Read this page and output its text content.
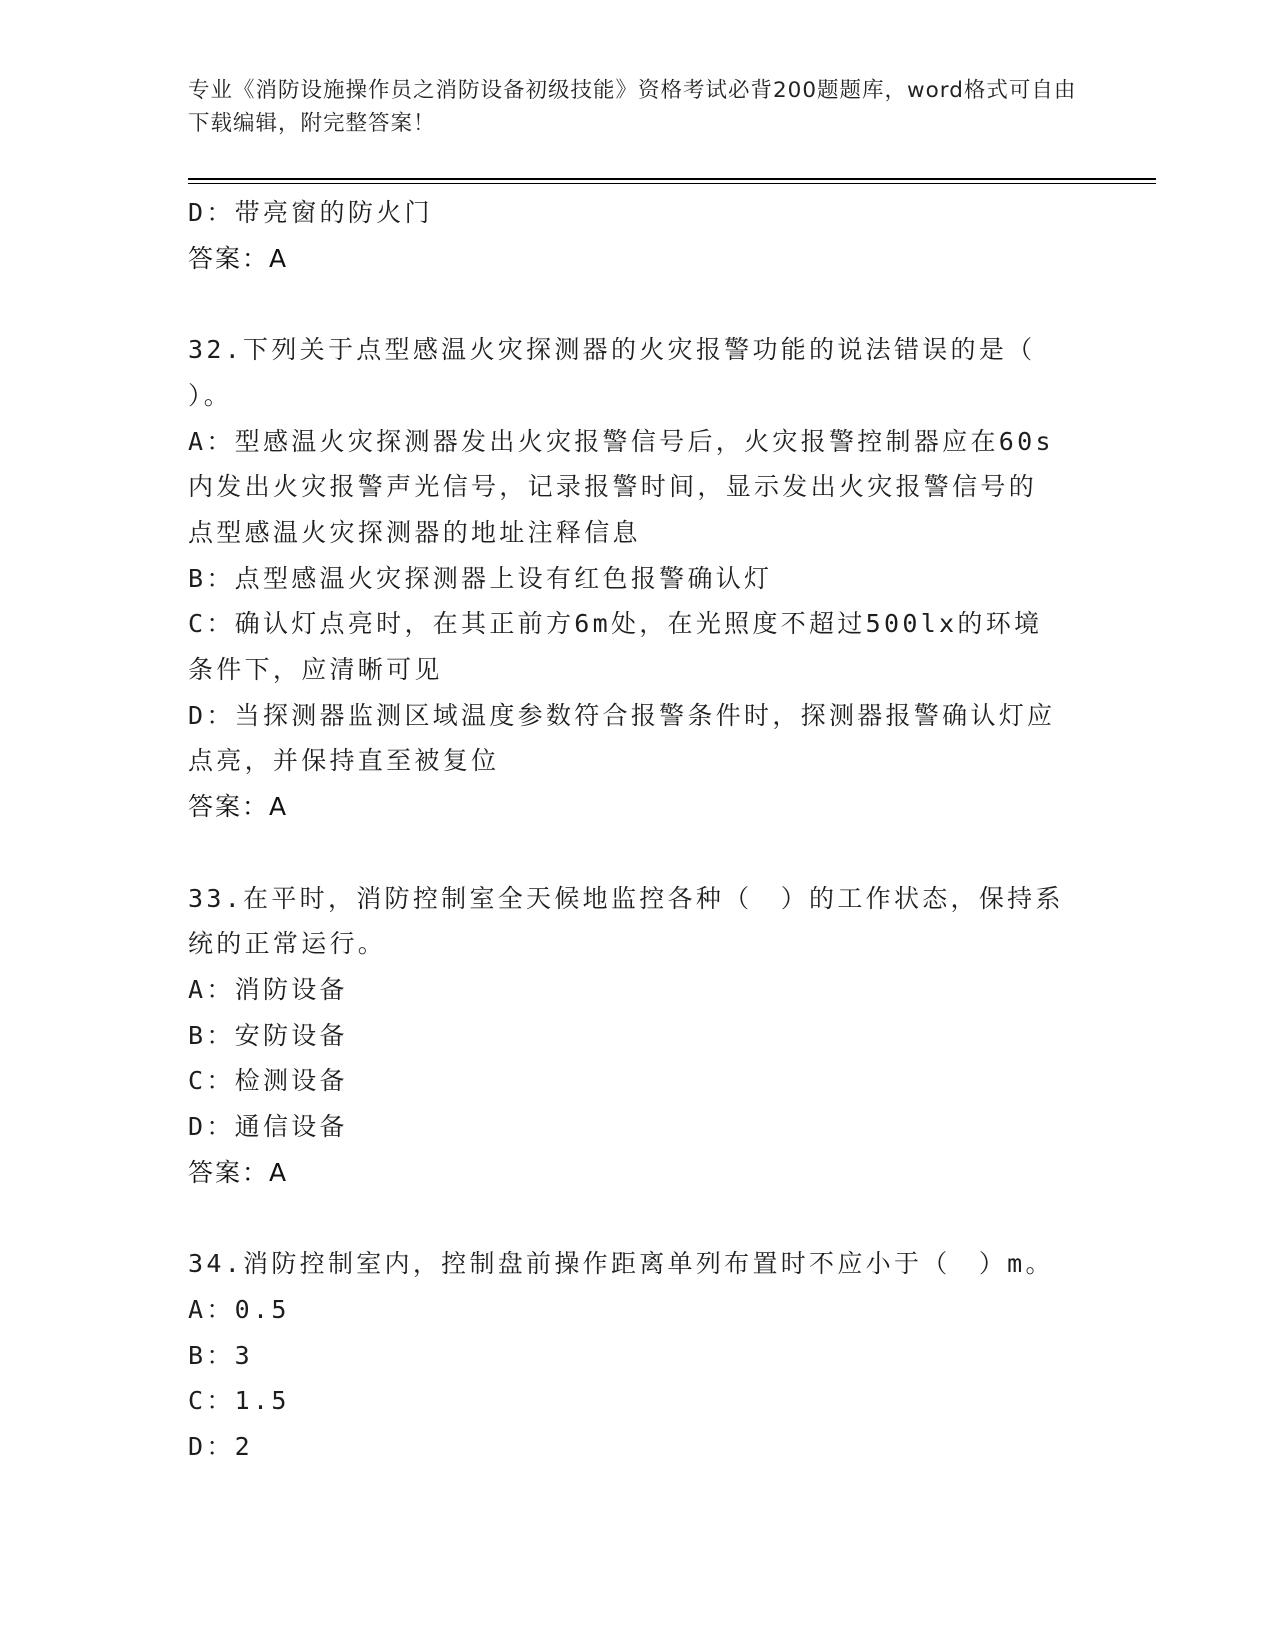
专业《消防设施操作员之消防设备初级技能》资格考试必背200题题库，word格式可自由下载编辑，附完整答案！
D：带亮窗的防火门
答案：A
32.下列关于点型感温火灾探测器的火灾报警功能的说法错误的是（
）。
A：型感温火灾探测器发出火灾报警信号后，火灾报警控制器应在60s
内发出火灾报警声光信号，记录报警时间，显示发出火灾报警信号的
点型感温火灾探测器的地址注释信息
B：点型感温火灾探测器上设有红色报警确认灯
C：确认灯点亮时，在其正前方6m处，在光照度不超过500lx的环境
条件下，应清晰可见
D：当探测器监测区域温度参数符合报警条件时，探测器报警确认灯应
点亮，并保持直至被复位
答案：A
33.在平时，消防控制室全天候地监控各种（　）的工作状态，保持系
统的正常运行。
A：消防设备
B：安防设备
C：检测设备
D：通信设备
答案：A
34.消防控制室内，控制盘前操作距离单列布置时不应小于（　）m。
A：0.5
B：3
C：1.5
D：2
